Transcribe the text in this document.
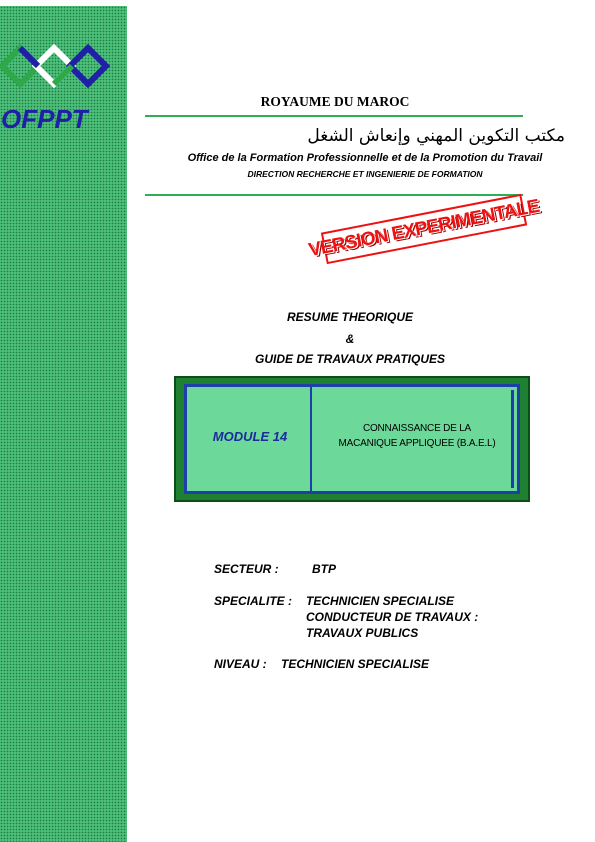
OFPPT
ROYAUME DU MAROC
مكتب التكوين المهني وإنعاش الشغل
Office de la Formation Professionnelle et de la Promotion du Travail
DIRECTION RECHERCHE ET INGENIERIE DE FORMATION
VERSION EXPERIMENTALE
RESUME THEORIQUE
&
GUIDE DE TRAVAUX PRATIQUES
MODULE 14
CONNAISSANCE DE LA
MACANIQUE APPLIQUEE (B.A.E.L)
SECTEUR :	BTP
SPECIALITE : TECHNICIEN SPECIALISE
CONDUCTEUR DE TRAVAUX :
TRAVAUX PUBLICS
NIVEAU : TECHNICIEN SPECIALISE
